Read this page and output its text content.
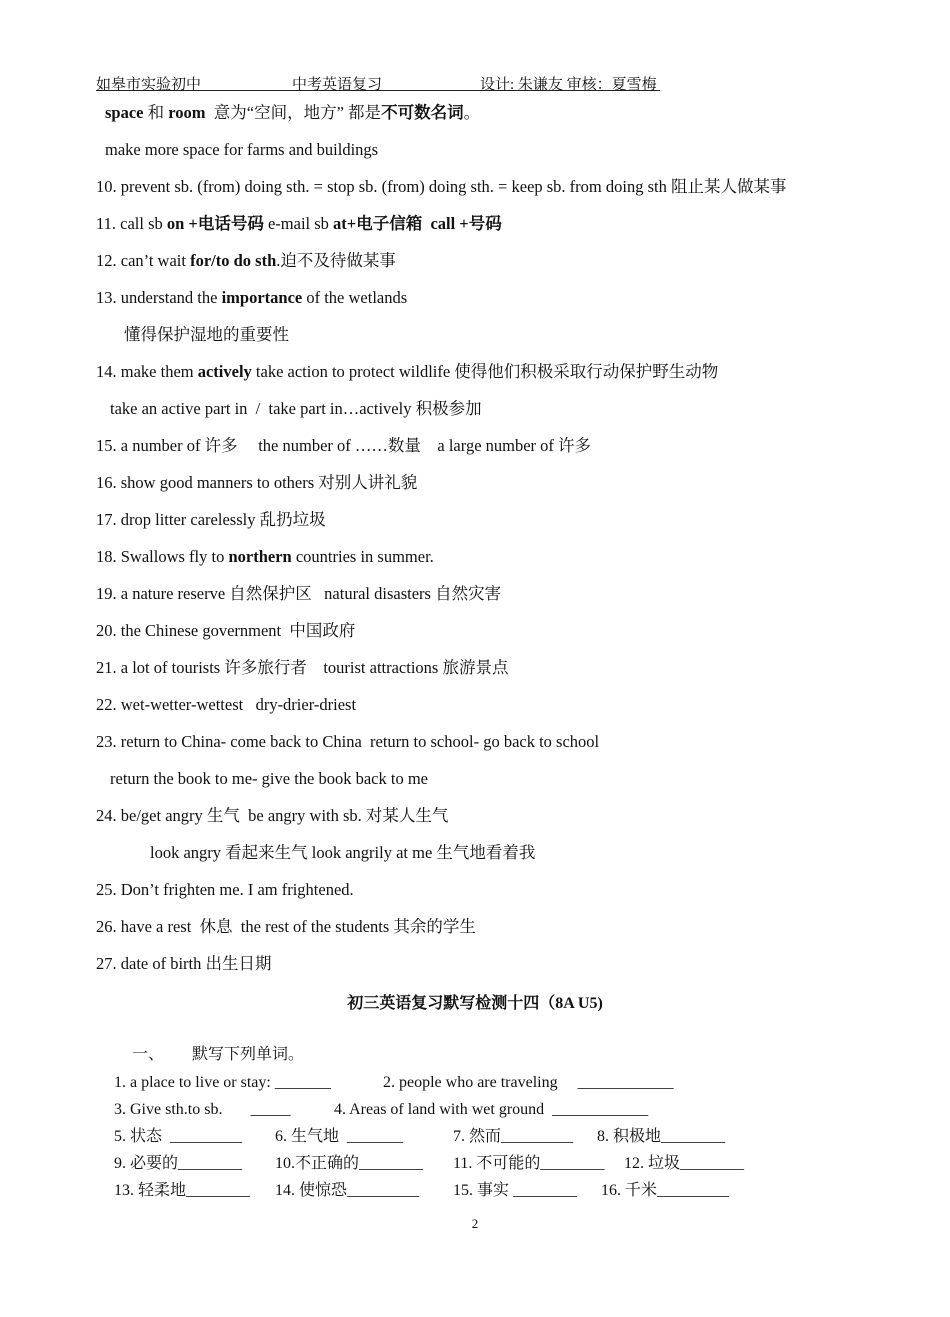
如皋市实验初中	中考英语复习	设计: 朱谦友 审核：夏雪梅
space 和 room  意为“空间，地方” 都是不可数名词。
make more space for farms and buildings
10. prevent sb. (from) doing sth. = stop sb. (from) doing sth. = keep sb. from doing sth 阻止某人做某事
11. call sb on +电话号码 e-mail sb at+电子信箱  call +号码
12. can’t wait for/to do sth.迫不及待做某事
13. understand the importance of the wetlands
懂得保护湿地的重要性
14. make them actively take action to protect wildlife 使得他们积极采取行动保护野生动物
take an active part in  /  take part in…actively 积极参加
15. a number of 许多     the number of ……数量    a large number of 许多
16. show good manners to others 对别人讲礼貌
17. drop litter carelessly 乱扔垃圾
18. Swallows fly to northern countries in summer.
19. a nature reserve 自然保护区   natural disasters 自然灾害
20. the Chinese government  中国政府
21. a lot of tourists 许多旅行者    tourist attractions 旅游景点
22. wet-wetter-wettest   dry-drier-driest
23. return to China- come back to China  return to school- go back to school
return the book to me- give the book back to me
24. be/get angry 生气  be angry with sb. 对某人生气
look angry 看起来生气 look angrily at me 生气地看着我
25. Don’t frighten me. I am frightened.
26. have a rest  休息  the rest of the students 其余的学生
27. date of birth 出生日期
初三英语复习默写检测十四（8A U5)
一、       默写下列单词。
1. a place to live or stay: _______	2. people who are traveling     ____________
3. Give sth.to sb.       _____	4. Areas of land with wet ground  ____________
5. 状态  _________ 6. 生气地  _______	7. 然而_________ 8. 积极地________
9. 必要的________ 10.不正确的________ 11. 不可能的________ 12. 垃圾________
13. 轻柔地________ 14. 使惊恐_________ 15. 事实 ________ 16. 千米_________
2
